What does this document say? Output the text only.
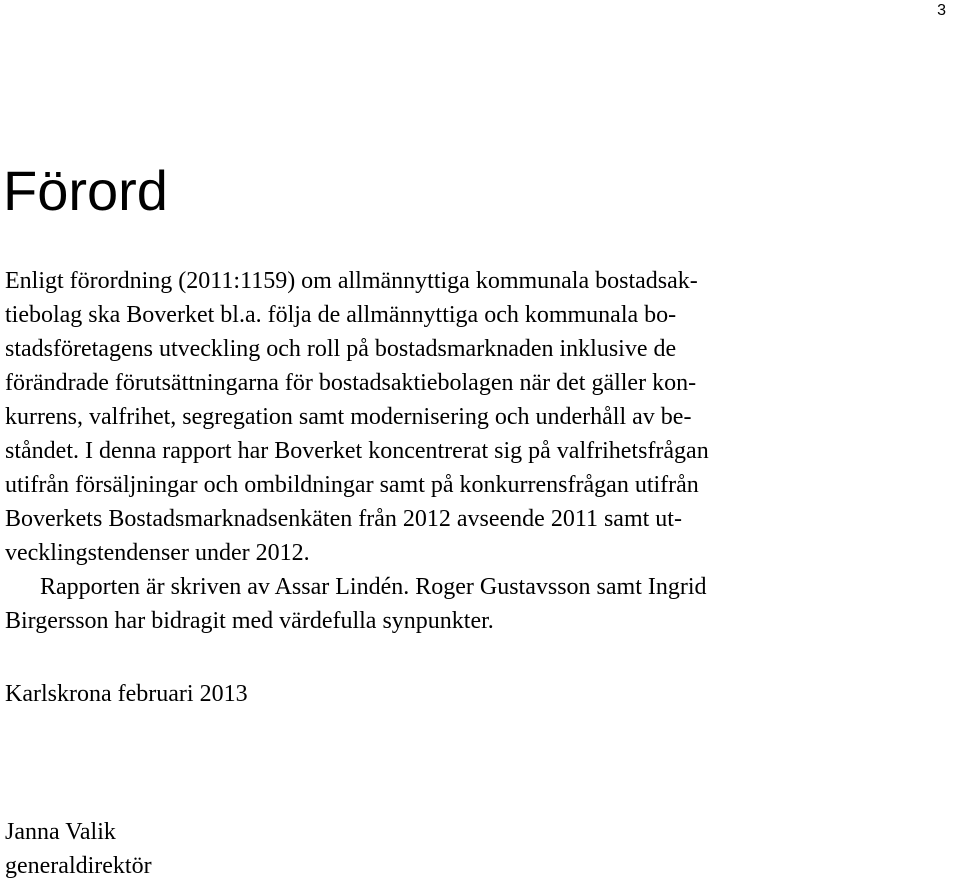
3
Förord
Enligt förordning (2011:1159) om allmännyttiga kommunala bostadsak-
tiebolag ska Boverket bl.a. följa de allmännyttiga och kommunala bo-
stadsföretagens utveckling och roll på bostadsmarknaden inklusive de
förändrade förutsättningarna för bostadsaktiebolagen när det gäller kon-
kurrens, valfrihet, segregation samt modernisering och underhåll av be-
ståndet. I denna rapport har Boverket koncentrerat sig på valfrihetsfrågan
utifrån försäljningar och ombildningar samt på konkurrensfrågan utifrån
Boverkets Bostadsmarknadsenkäten från 2012 avseende 2011 samt ut-
vecklingstendenser under 2012.
Rapporten är skriven av Assar Lindén. Roger Gustavsson samt Ingrid
Birgersson har bidragit med värdefulla synpunkter.
Karlskrona februari 2013
Janna Valik
generaldirektör
